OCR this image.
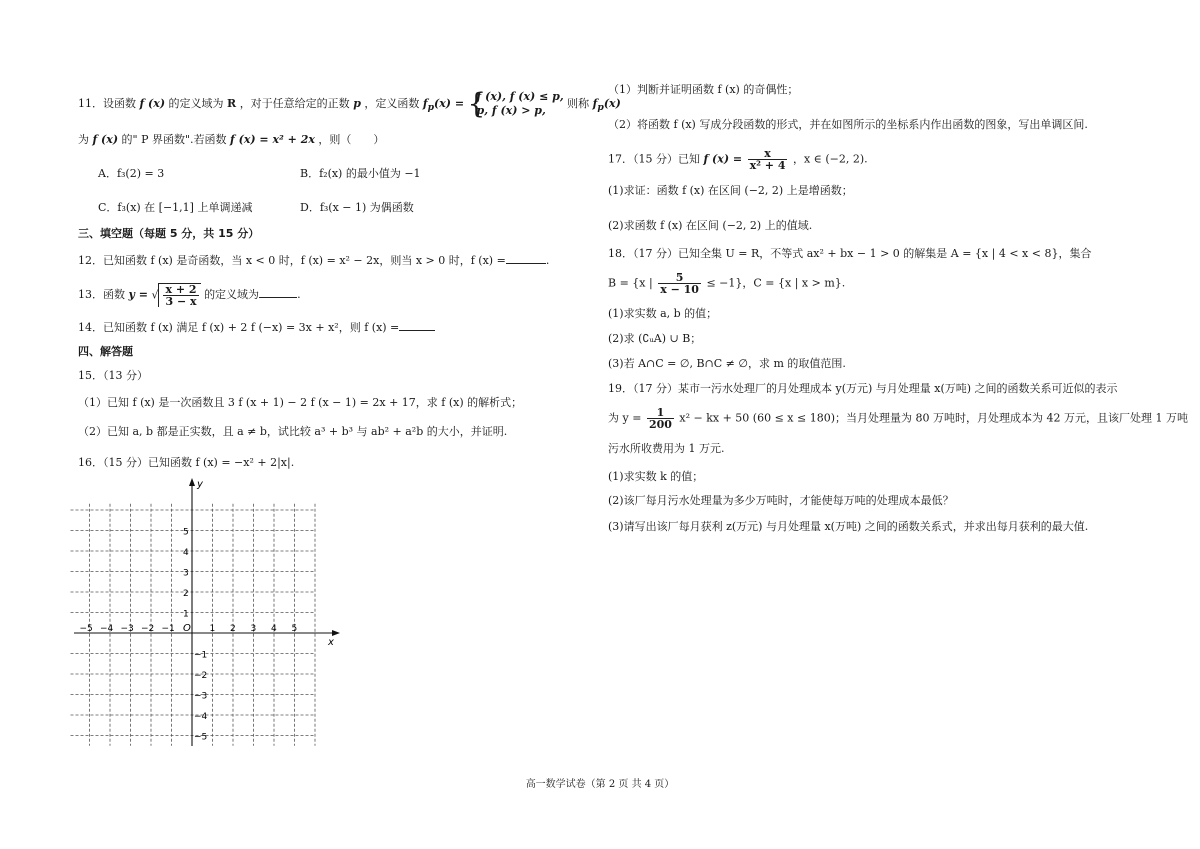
11．设函数 f (x) 的定义域为 R ，对于任意给定的正数 p ，定义函数 $f_p(x)$ = {
f (x), f (x) ≤ p,
p, f (x) > p,
则称 $f_p(x)$
为 f (x) 的" P 界函数".若函数 f (x) = x² + 2x ，则（　　）
A．f₃(2) = 3	B．f₂(x) 的最小值为 −1
C．f₃(x) 在 [−1,1] 上单调递减	D．f₃(x − 1) 为偶函数
三、填空题（每题 5 分，共 15 分）
12．已知函数 f (x) 是奇函数，当 x < 0 时，f (x) = x² − 2x，则当 x > 0 时，f (x) =	.
13．函数 y = √ $\frac{x + 2}{3 - x}$ 的定义域为	.
14．已知函数 f (x) 满足 f (x) + 2 f (−x) = 3x + x²，则 f (x) =
四、解答题
15．（13 分）
（1）已知 f (x) 是一次函数且 3 f (x + 1) − 2 f (x − 1) = 2x + 17，求 f (x) 的解析式；
（2）已知 a, b 都是正实数，且 a ≠ b，试比较 a³ + b³ 与 ab² + a²b 的大小，并证明.
16．（15 分）已知函数 f (x) = −x² + 2|x|.
x
y
O
−5 −4 −3 −2 −1	1 2 3 4 5
5
4
3
2
1
−1
−2
−3
−4
−5
（1）判断并证明函数 f (x) 的奇偶性；
（2）将函数 f (x) 写成分段函数的形式，并在如图所示的坐标系内作出函数的图象，写出单调区间.
17．（15 分）已知 f $(x) = \frac{x}{\text{x² + 4}}$ ，x ∈ (−2, 2).
(1)求证：函数 f (x) 在区间 (−2, 2) 上是增函数；
(2)求函数 f (x) 在区间 (−2, 2) 上的值域.
18．（17 分）已知全集 U = R，不等式 ax² + bx − 1 > 0 的解集是 A = {x | 4 < x < 8}，集合
B = {x | $\frac{5}{x - 10} \le -1$}，C = {x | x > m}.
(1)求实数 a, b 的值；
(2)求 (∁ᵤA) ∪ B；
(3)若 A∩C = ∅, B∩C ≠ ∅，求 m 的取值范围.
19．（17 分）某市一污水处理厂的月处理成本 y(万元) 与月处理量 x(万吨) 之间的函数关系可近似的表示
为 $y = \frac{1}{200} x^2$ − kx + 50 (60 ≤ x ≤ 180)；当月处理量为 80 万吨时，月处理成本为 42 万元，且该厂处理 1 万吨
污水所收费用为 1 万元.
(1)求实数 k 的值；
(2)该厂每月污水处理量为多少万吨时，才能使每万吨的处理成本最低？
(3)请写出该厂每月获利 z(万元) 与月处理量 x(万吨) 之间的函数关系式，并求出每月获利的最大值.
高一数学试卷（第 2 页 共 4 页）
